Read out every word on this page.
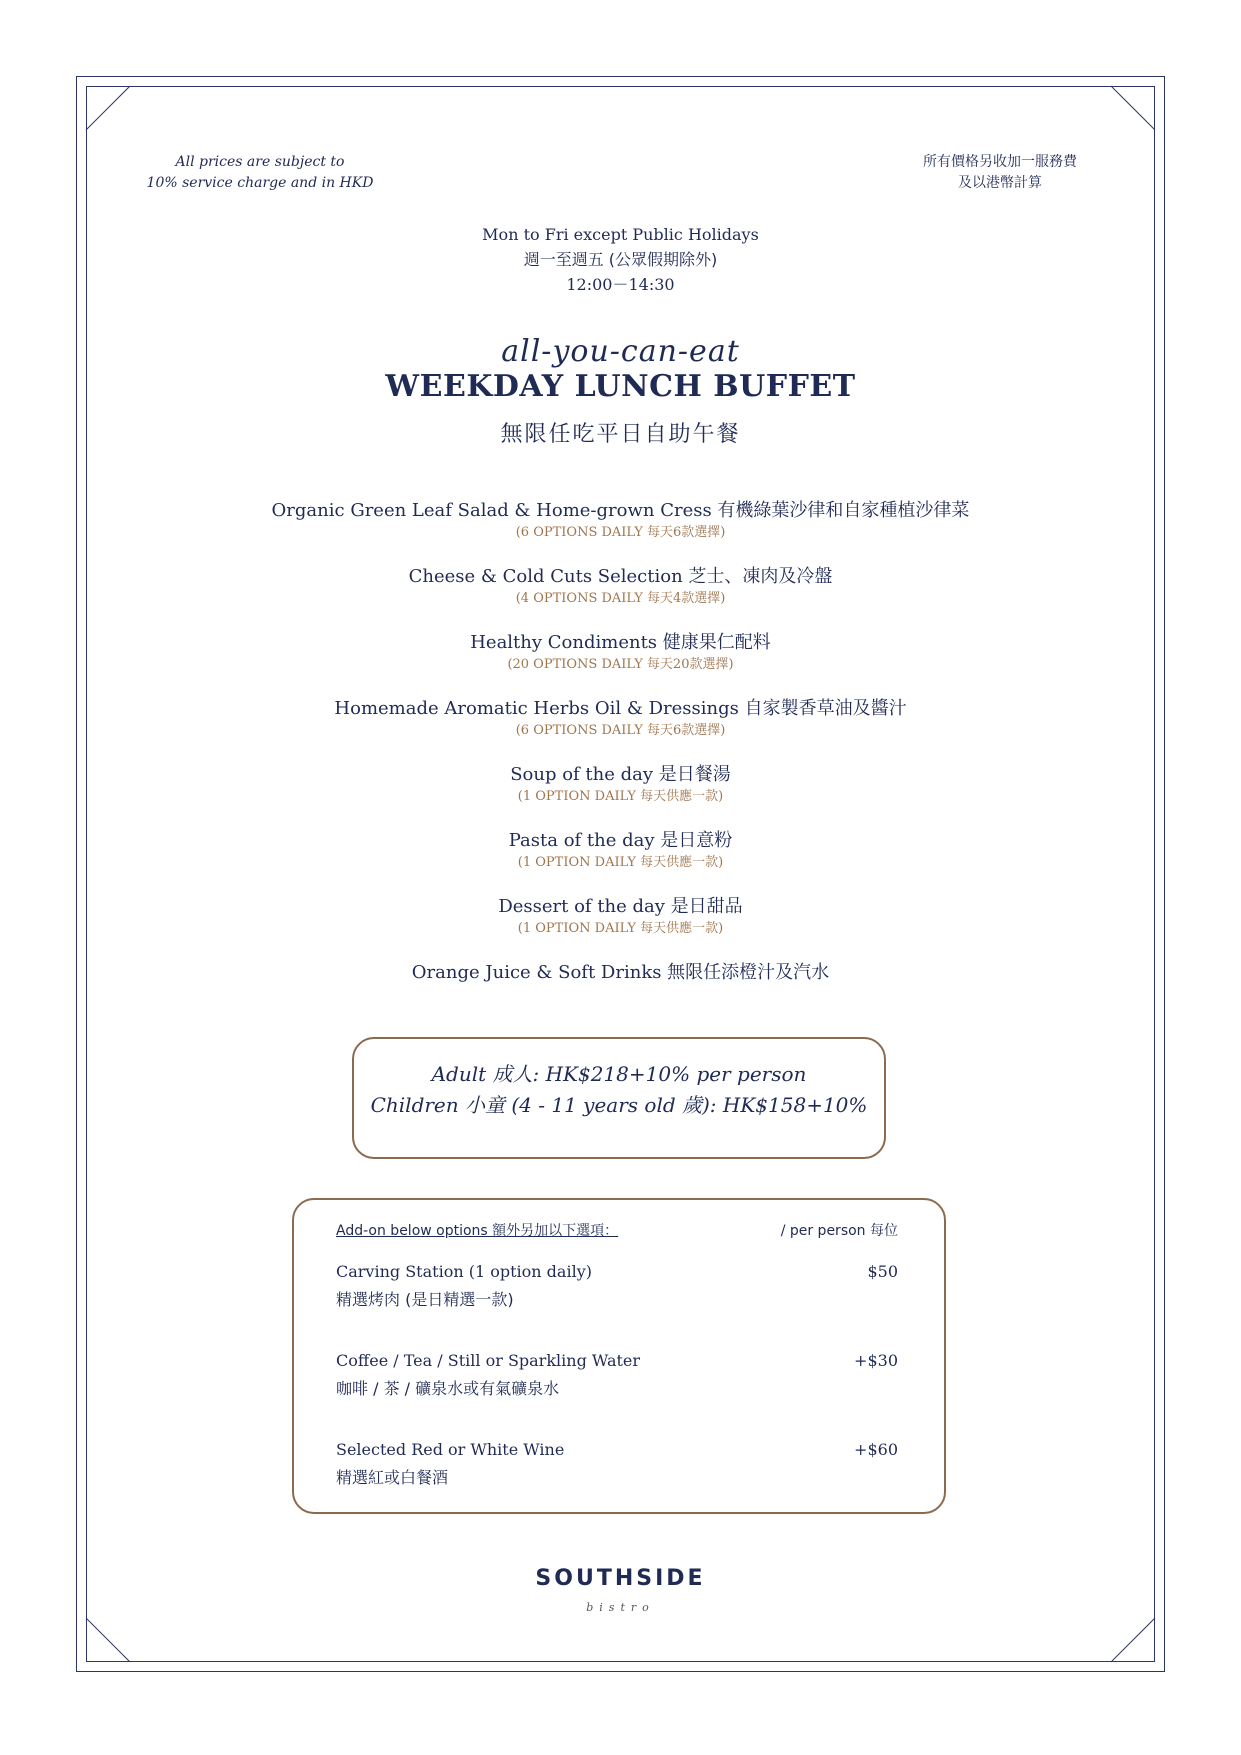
All prices are subject to
10% service charge and in HKD
所有價格另收加一服務費
及以港幣計算
Mon to Fri except Public Holidays
週一至週五 (公眾假期除外)
12:00－14:30
all-you-can-eat
WEEKDAY LUNCH BUFFET
無限任吃平日自助午餐
Organic Green Leaf Salad & Home-grown Cress 有機綠葉沙律和自家種植沙律菜
(6 OPTIONS DAILY 每天6款選擇)
Cheese & Cold Cuts Selection 芝士、凍肉及冷盤
(4 OPTIONS DAILY 每天4款選擇)
Healthy Condiments 健康果仁配料
(20 OPTIONS DAILY 每天20款選擇)
Homemade Aromatic Herbs Oil & Dressings 自家製香草油及醬汁
(6 OPTIONS DAILY 每天6款選擇)
Soup of the day 是日餐湯
(1 OPTION DAILY 每天供應一款)
Pasta of the day 是日意粉
(1 OPTION DAILY 每天供應一款)
Dessert of the day 是日甜品
(1 OPTION DAILY 每天供應一款)
Orange Juice & Soft Drinks 無限任添橙汁及汽水
Adult 成人: HK$218+10% per person
Children 小童 (4 - 11 years old 歲): HK$158+10%
Add-on below options 額外另加以下選項：	/ per person 每位
Carving Station (1 option daily)
精選烤肉 (是日精選一款)
$50
Coffee / Tea / Still or Sparkling Water
咖啡 / 茶 / 礦泉水或有氣礦泉水
+$30
Selected Red or White Wine
精選紅或白餐酒
+$60
SOUTHSIDE
bistro
